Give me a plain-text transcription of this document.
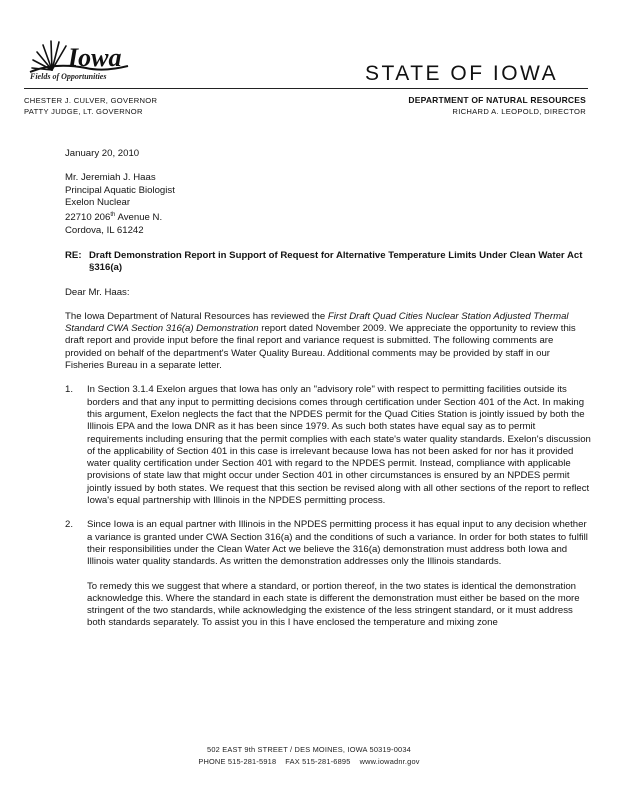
Iowa
Fields of Opportunities	STATE OF IOWA
CHESTER J. CULVER, GOVERNOR
PATTY JUDGE, LT. GOVERNOR
DEPARTMENT OF NATURAL RESOURCES
RICHARD A. LEOPOLD, DIRECTOR

January 20, 2010

Mr. Jeremiah J. Haas
Principal Aquatic Biologist
Exelon Nuclear
22710 206th Avenue N.
Cordova, IL 61242
RE: Draft Demonstration Report in Support of Request for Alternative Temperature Limits Under Clean Water Act §316(a)

Dear Mr. Haas:

The Iowa Department of Natural Resources has reviewed the First Draft Quad Cities Nuclear Station Adjusted Thermal Standard CWA Section 316(a) Demonstration report dated November 2009. We appreciate the opportunity to review this draft report and provide input before the final report and variance request is submitted. The following comments are provided on behalf of the department's Water Quality Bureau. Additional comments may be provided by staff in our Fisheries Bureau in a separate letter.

1.	In Section 3.1.4 Exelon argues that Iowa has only an "advisory role" with respect to permitting facilities outside its borders and that any input to permitting decisions comes through certification under Section 401 of the Act. In making this argument, Exelon neglects the fact that the NPDES permit for the Quad Cities Station is jointly issued by both the Illinois EPA and the Iowa DNR as it has been since 1979. As such both states have equal say as to permit requirements including ensuring that the permit complies with each state's water quality standards. Exelon's discussion of the applicability of Section 401 in this case is irrelevant because Iowa has not been asked for nor has it provided water quality certification under Section 401 with regard to the NPDES permit. Instead, compliance with applicable provisions of state law that might occur under Section 401 in other circumstances is ensured by an NPDES permit jointly issued by both states. We request that this section be revised along with all other sections of the report to reflect Iowa's equal partnership with Illinois in the NPDES permitting process.
2.	Since Iowa is an equal partner with Illinois in the NPDES permitting process it has equal input to any decision whether a variance is granted under CWA Section 316(a) and the conditions of such a variance. In order for both states to fulfill their responsibilities under the Clean Water Act we believe the 316(a) demonstration must address both Iowa and Illinois water quality standards. As written the demonstration addresses only the Illinois standards.

To remedy this we suggest that where a standard, or portion thereof, in the two states is identical the demonstration acknowledge this. Where the standard in each state is different the demonstration must either be based on the more stringent of the two standards, while acknowledging the existence of the less stringent standard, or it must address both standards separately. To assist you in this I have enclosed the temperature and mixing zone

502 EAST 9th STREET / DES MOINES, IOWA 50319-0034
PHONE 515-281-5918 FAX 515-281-6895 www.iowadnr.gov
